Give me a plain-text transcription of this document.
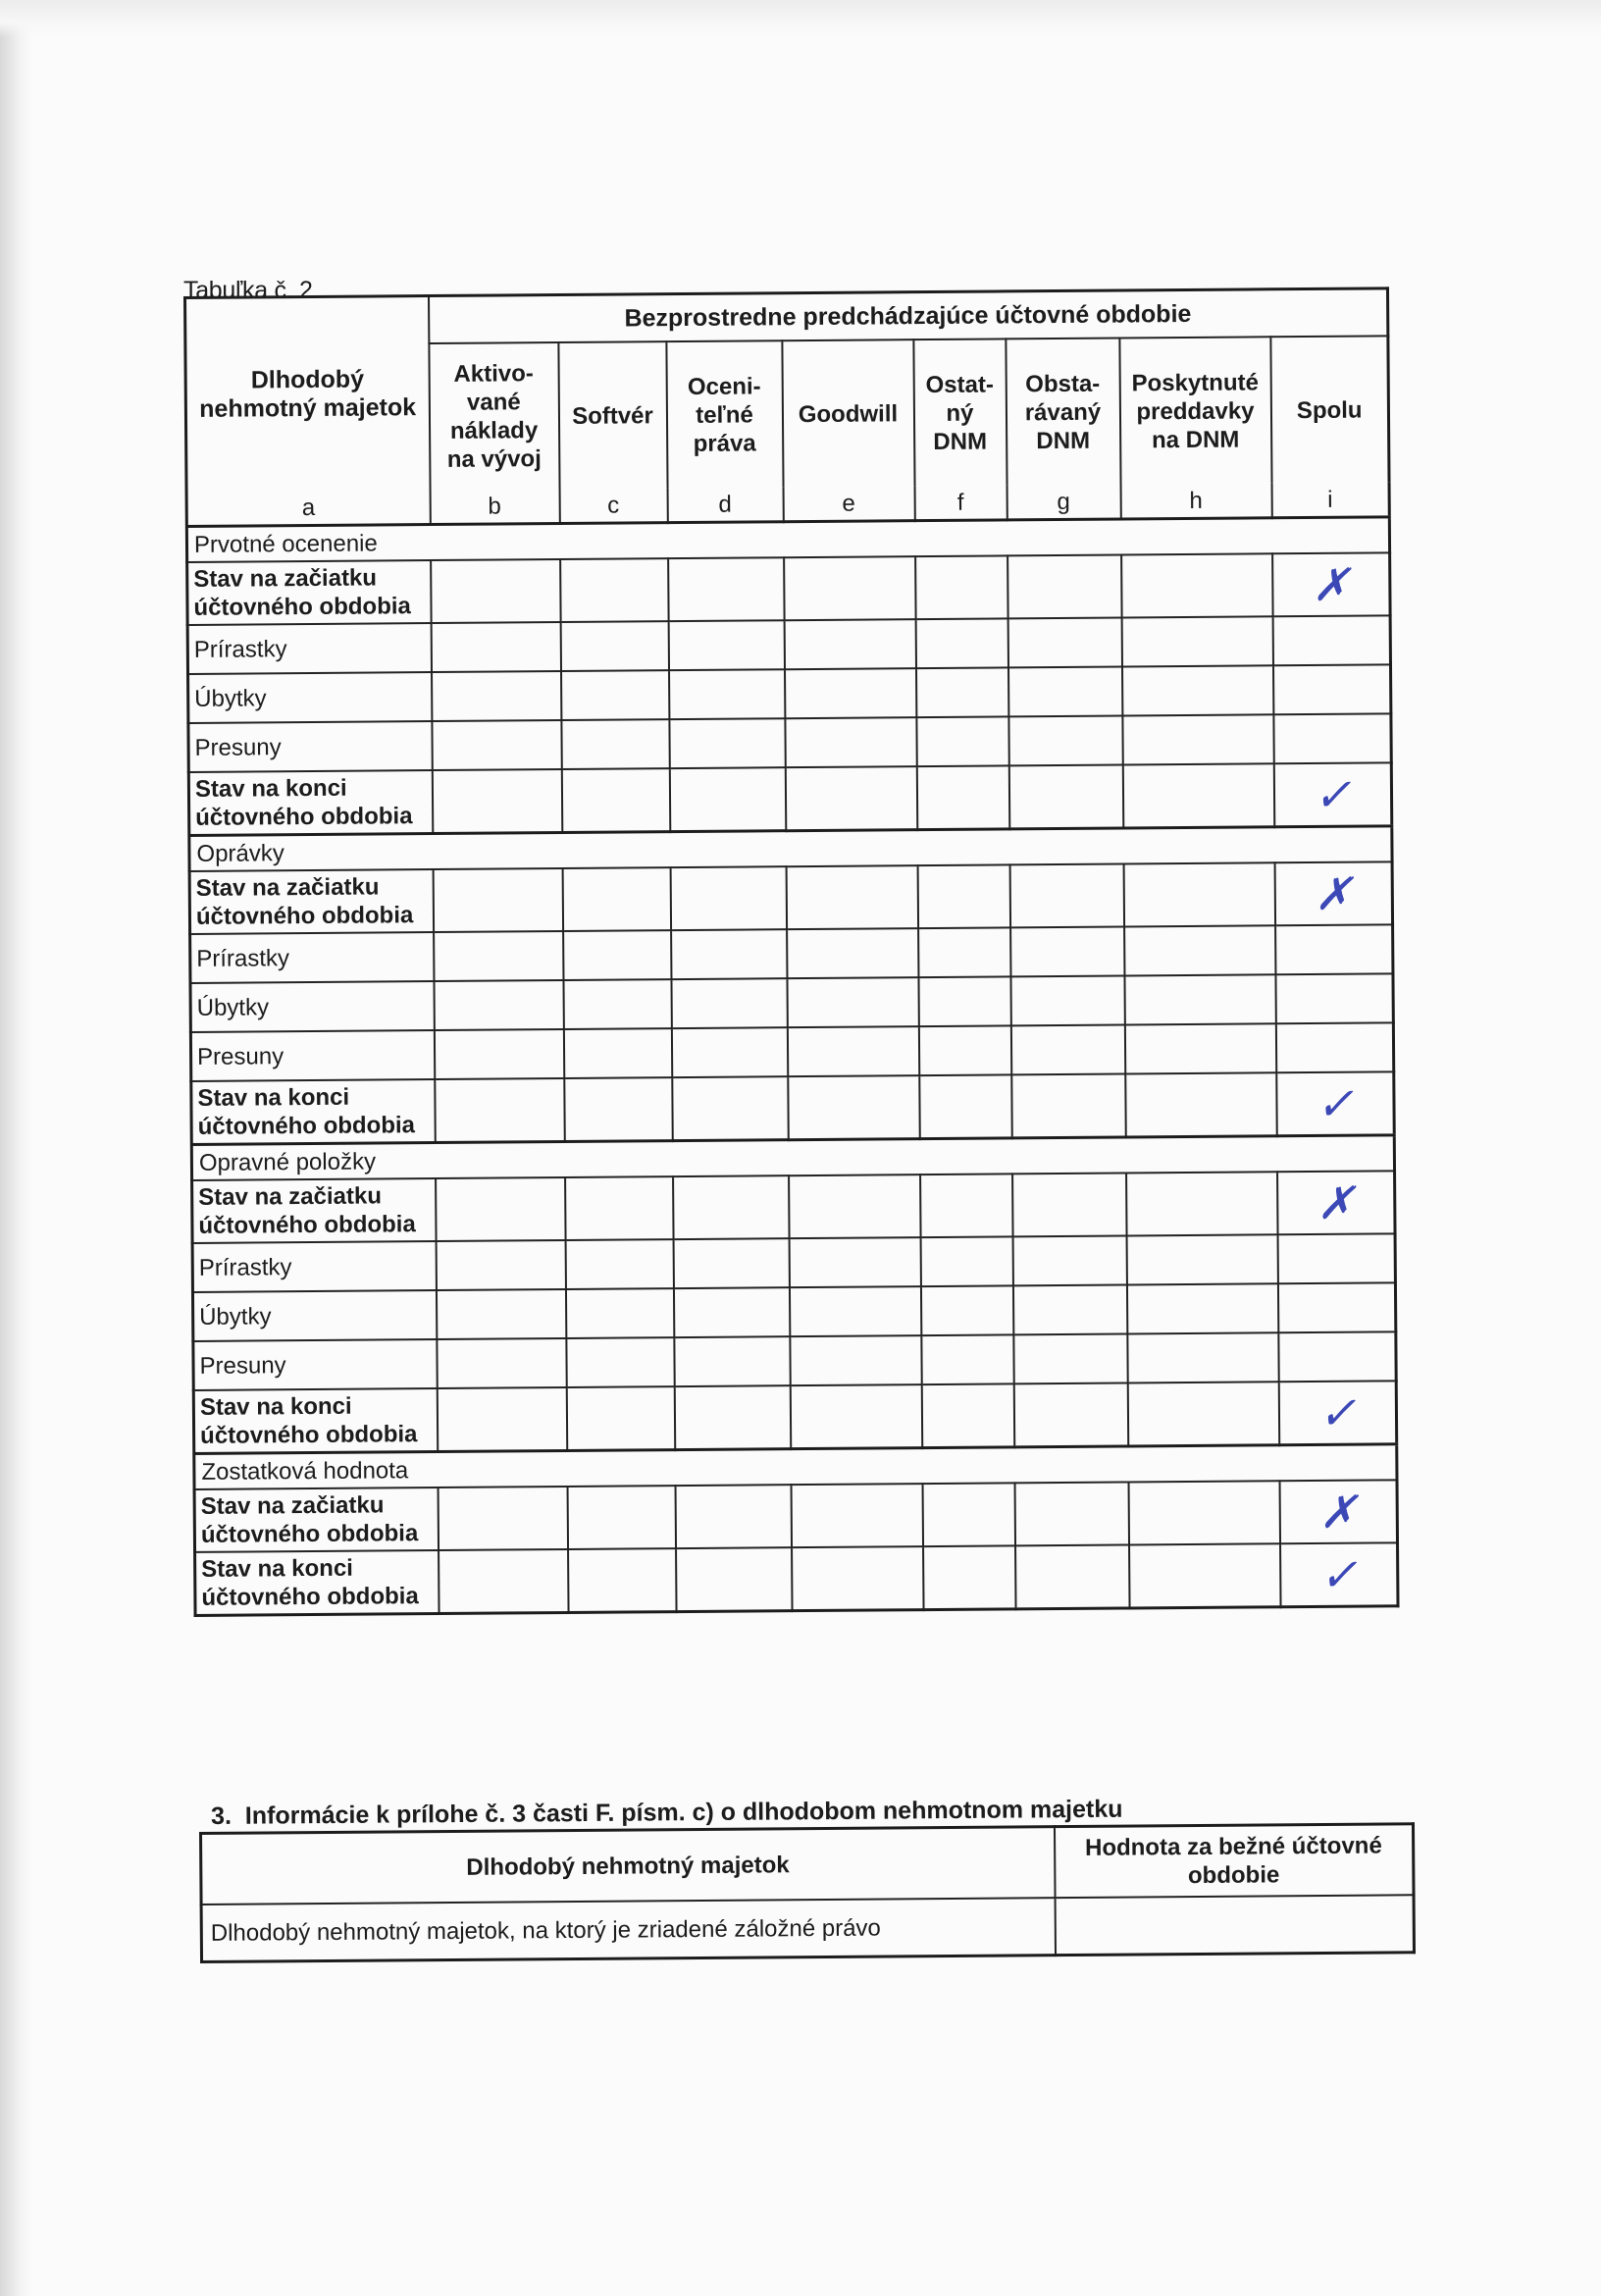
Tabuľka č. 2
Dlhodobý nehmotný majetok	Bezprostredne predchádzajúce účtovné obdobie							
	Aktivo- vané náklady na vývoj	Softvér	Oceni- teľné práva	Goodwill	Ostat- ný DNM	Obsta- rávaný DNM	Poskytnuté preddavky na DNM	Spolu
a	b	c	d	e	f	g	h	i
Prvotné ocenenie								
Stav na začiatku účtovného obdobia								✗
Prírastky								
Úbytky								
Presuny								
Stav na konci účtovného obdobia								✓
Oprávky								
Stav na začiatku účtovného obdobia								✗
Prírastky								
Úbytky								
Presuny								
Stav na konci účtovného obdobia								✓
Opravné položky								
Stav na začiatku účtovného obdobia								✗
Prírastky								
Úbytky								
Presuny								
Stav na konci účtovného obdobia								✓
Zostatková hodnota								
Stav na začiatku účtovného obdobia								✗
Stav na konci účtovného obdobia								✓
3. Informácie k prílohe č. 3 časti F. písm. c) o dlhodobom nehmotnom majetku
Dlhodobý nehmotný majetok	Hodnota za bežné účtovné obdobie
Dlhodobý nehmotný majetok, na ktorý je zriadené záložné právo	
